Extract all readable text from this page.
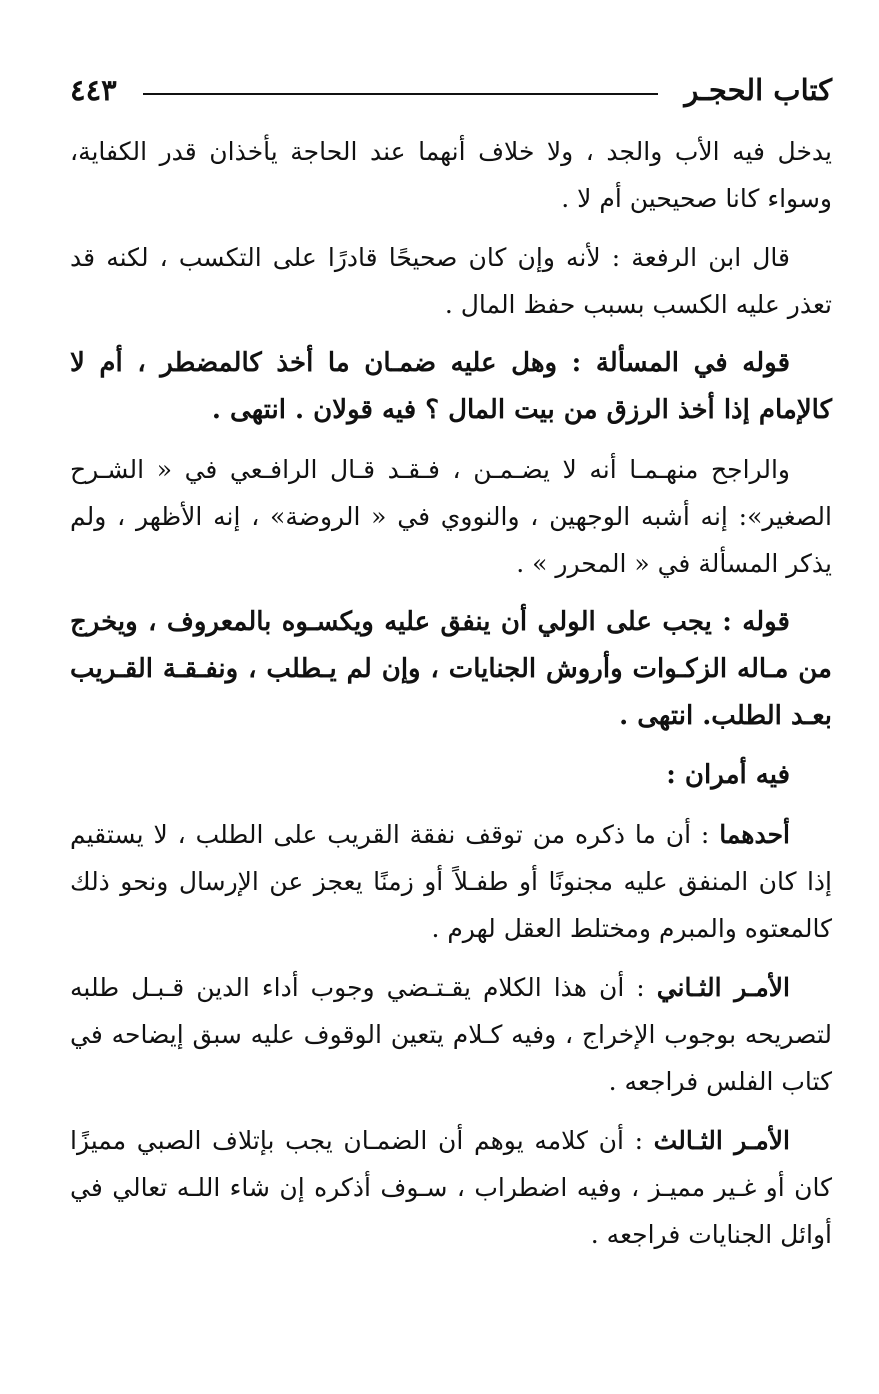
كتاب الحجـر
٤٤٣

يدخل فيه الأب والجد ، ولا خلاف أنهما عند الحاجة يأخذان قدر الكفاية، وسواء كانا صحيحين أم لا .

قال ابن الرفعة : لأنه وإن كان صحيحًا قادرًا على التكسب ، لكنه قد تعذر عليه الكسب بسبب حفظ المال .

قوله في المسألة : وهل عليه ضمـان ما أخذ كالمضطر ، أم لا كالإمام إذا أخذ الرزق من بيت المال ؟ فيه قولان . انتهى .

والراجح منهـمـا أنه لا يضـمـن ، فـقـد قـال الرافـعي في « الشـرح الصغير»: إنه أشبه الوجهين ، والنووي في « الروضة» ، إنه الأظهر ، ولم يذكر المسألة في « المحرر » .

قوله : يجب على الولي أن ينفق عليه ويكسـوه بالمعروف ، ويخرج من مـاله الزكـوات وأروش الجنايات ، وإن لم يـطلب ، ونفـقـة القـريب بعـد الطلب. انتهى .

فيه أمران :

أحدهما : أن ما ذكره من توقف نفقة القريب على الطلب ، لا يستقيم إذا كان المنفق عليه مجنونًا أو طفـلاً أو زمنًا يعجز عن الإرسال ونحو ذلك كالمعتوه والمبرم ومختلط العقل لهرم .

الأمـر الثـاني : أن هذا الكلام يقـتـضي وجوب أداء الدين قـبـل طلبه لتصريحه بوجوب الإخراج ، وفيه كـلام يتعين الوقوف عليه سبق إيضاحه في كتاب الفلس فراجعه .

الأمـر الثـالث : أن كلامه يوهم أن الضمـان يجب بإتلاف الصبي مميزًا كان أو غـير مميـز ، وفيه اضطراب ، سـوف أذكره إن شاء اللـه تعالي في أوائل الجنايات فراجعه .
